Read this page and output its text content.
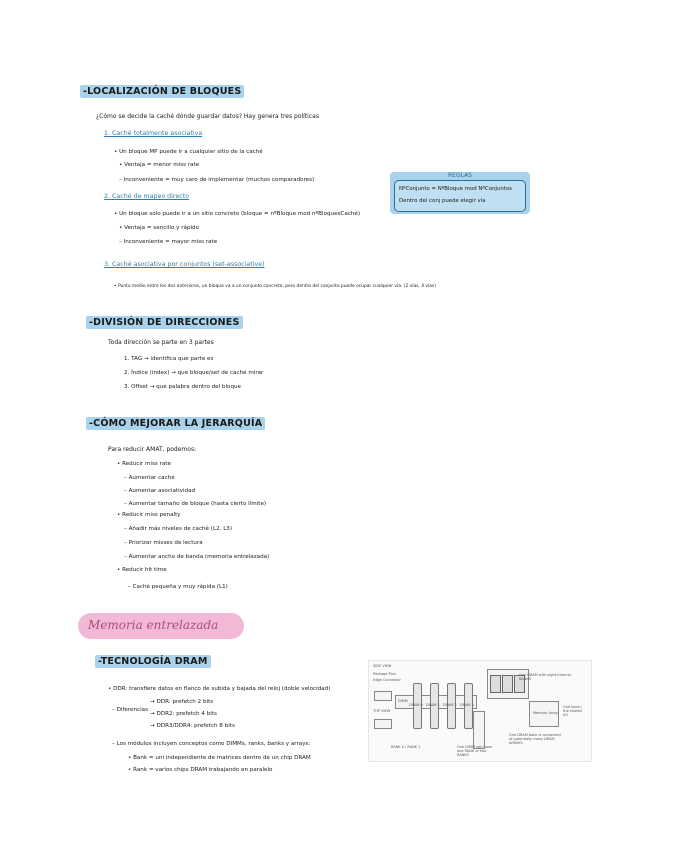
-LOCALIZACIÓN DE BLOQUES
¿Cómo se decide la caché dónde guardar datos? Hay genera tres políticas
1. Caché totalmente asociativa
• Un bloque MP puede ir a cualquier sitio de la caché
• Ventaja = menor miss rate
– Inconveniente = muy caro de implementar (muchos comparadores)
2. Caché de mapeo directo
• Un bloque solo puede ir a un sitio concreto (bloque = nºBloque mod nºBloquesCaché)
• Ventaja = sencillo y rápido
– Inconveniente = mayor miss rate
3. Caché asociativa por conjuntos (set-associative)
• Punto medio entre los dos anteriores, un bloque va a un conjunto concreto, pero dentro del conjunto puede ocupar cualquier vía. (2 vías, 4 vías)
REGLAS
NºConjunto = NºBloque mod NºConjuntos
Dentro del conj puede elegir vía
-DIVISIÓN DE DIRECCIONES
Toda dirección se parte en 3 partes
1. TAG → identifica que parte es
2. Índice (index) → que bloque/set de caché mirar
3. Offset → qué palabra dentro del bloque
-CÓMO MEJORAR LA JERARQUÍA
Para reducir AMAT, podemos:
• Reducir miss rate
– Aumentar caché
– Aumentar asociatividad
– Aumentar tamaño de bloque (hasta cierto límite)
• Reducir miss penalty
– Añadir más niveles de caché (L2, L3)
– Priorizar misses de lectura
– Aumentar ancho de banda (memoria entrelazada)
• Reducir hit time
– Caché pequeña y muy rápida (L1)
Memoria entrelazada
-TECNOLOGÍA DRAM
• DDR: transfiere datos en flanco de subida y bajada del reloj (doble velocidad)
– Diferencias
→ DDR: prefetch 2 bits
→ DDR2: prefetch 4 bits
→ DDR3/DDR4: prefetch 8 bits
– Los módulos incluyen conceptos como DIMMs, ranks, banks y arrays:
• Bank = uni independiente de matrices dentro de un chip DRAM
• Rank = varios chips DRAM trabajando en paralelo
SIDE VIEW
Package Pins
Edge Connector
TOP VIEW
DIMM
DRAM 0 DRAM 1 DRAM 2 DRAM 3
RANK 0 / RANK 1
One DRAM with eight internal BANKS
Memory Array
One bank / the shared I/O
One DIMM can have one RANK or two RANKS
One DRAM bank is comprised of potentially many DRAM ARRAYS
